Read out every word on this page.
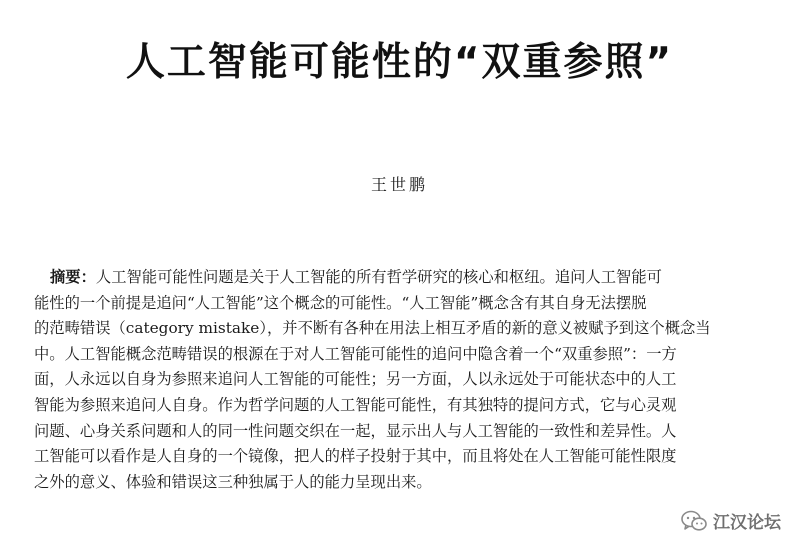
人工智能可能性的“双重参照”
王世鹏
摘要：人工智能可能性问题是关于人工智能的所有哲学研究的核心和枢纽。追问人工智能可
能性的一个前提是追问“人工智能”这个概念的可能性。“人工智能”概念含有其自身无法摆脱
的范畴错误（category mistake），并不断有各种在用法上相互矛盾的新的意义被赋予到这个概念当
中。人工智能概念范畴错误的根源在于对人工智能可能性的追问中隐含着一个“双重参照”：一方
面，人永远以自身为参照来追问人工智能的可能性；另一方面，人以永远处于可能状态中的人工
智能为参照来追问人自身。作为哲学问题的人工智能可能性，有其独特的提问方式，它与心灵观
问题、心身关系问题和人的同一性问题交织在一起，显示出人与人工智能的一致性和差异性。人
工智能可以看作是人自身的一个镜像，把人的样子投射于其中，而且将处在人工智能可能性限度
之外的意义、体验和错误这三种独属于人的能力呈现出来。
江汉论坛
